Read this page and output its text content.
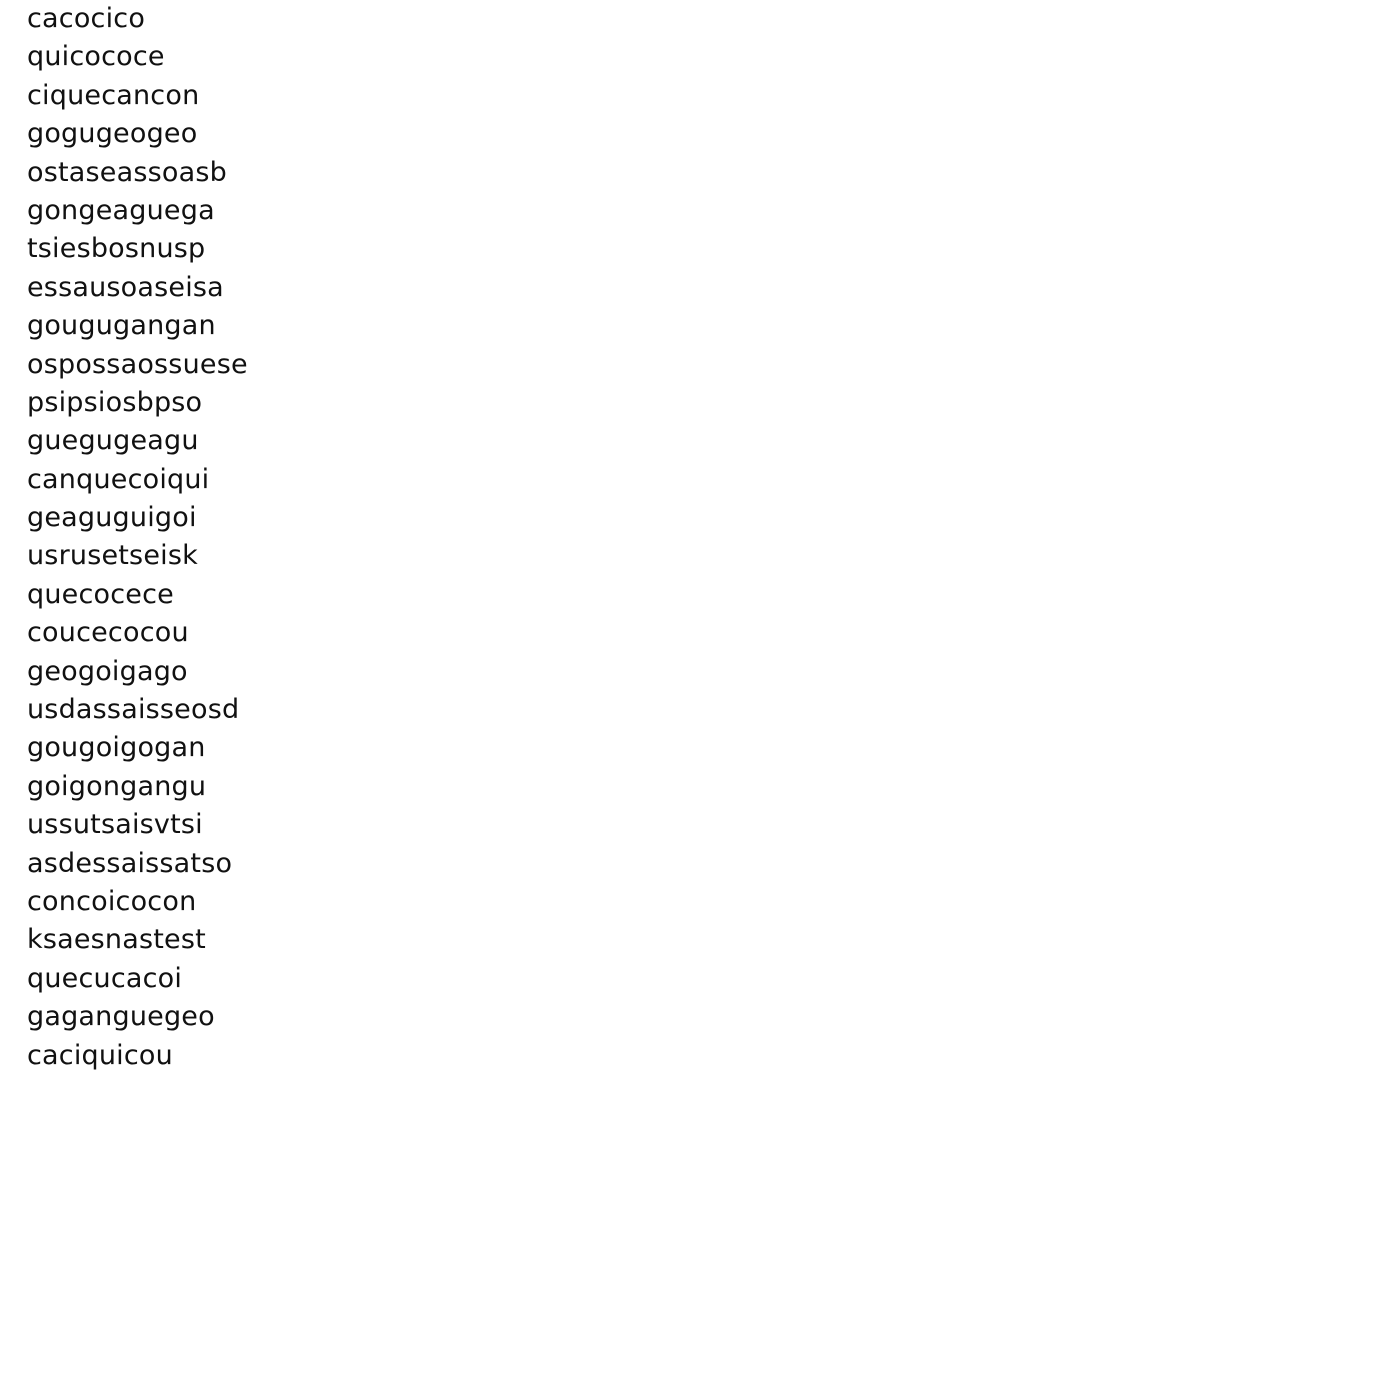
cacocico
quicococe
ciquecancon
gogugeogeo
ostaseassoasb
gongeaguega
tsiesbosnusp
essausoaseisa
gougugangan
ospossaossuese
psipsiosbpso
guegugeagu
canquecoiqui
geaguguigoi
usrusetseisk
quecocece
coucecocou
geogoigago
usdassaisseosd
gougoigogan
goigongangu
ussutsaisvtsi
asdessaissatso
concoicocon
ksaesnastest
quecucacoi
gaganguegeo
caciquicou
